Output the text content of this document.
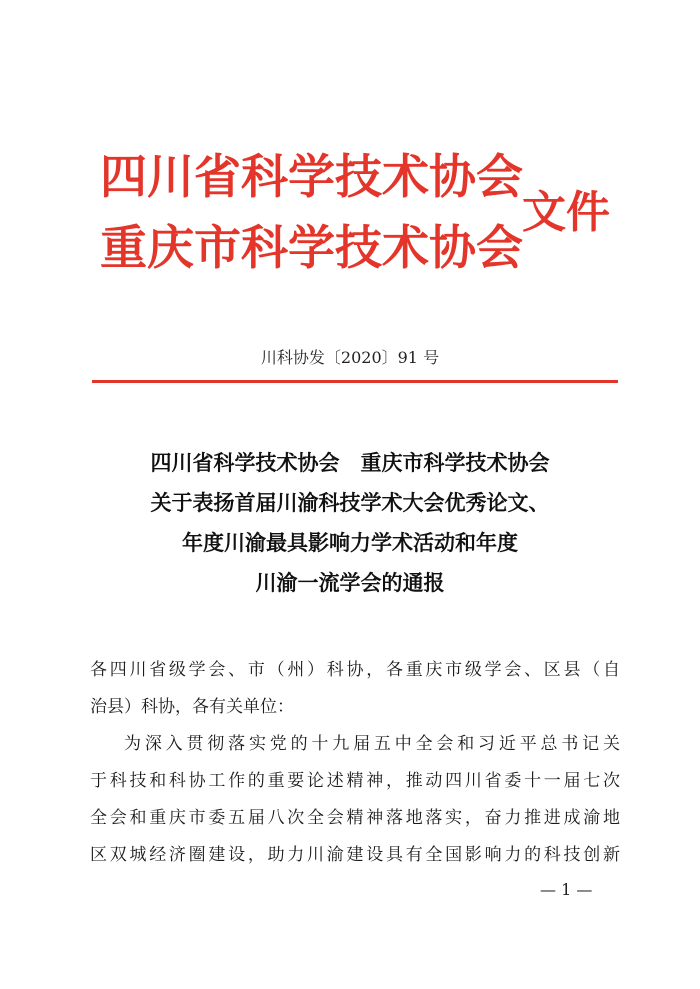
四川省科学技术协会
重庆市科学技术协会
文件
川科协发〔2020〕91 号
四川省科学技术协会　重庆市科学技术协会
关于表扬首届川渝科技学术大会优秀论文、
年度川渝最具影响力学术活动和年度
川渝一流学会的通报

各四川省级学会、市（州）科协，各重庆市级学会、区县（自

治县）科协，各有关单位：

为深入贯彻落实党的十九届五中全会和习近平总书记关

于科技和科协工作的重要论述精神，推动四川省委十一届七次

全会和重庆市委五届八次全会精神落地落实，奋力推进成渝地

区双城经济圈建设，助力川渝建设具有全国影响力的科技创新

— 1 —
